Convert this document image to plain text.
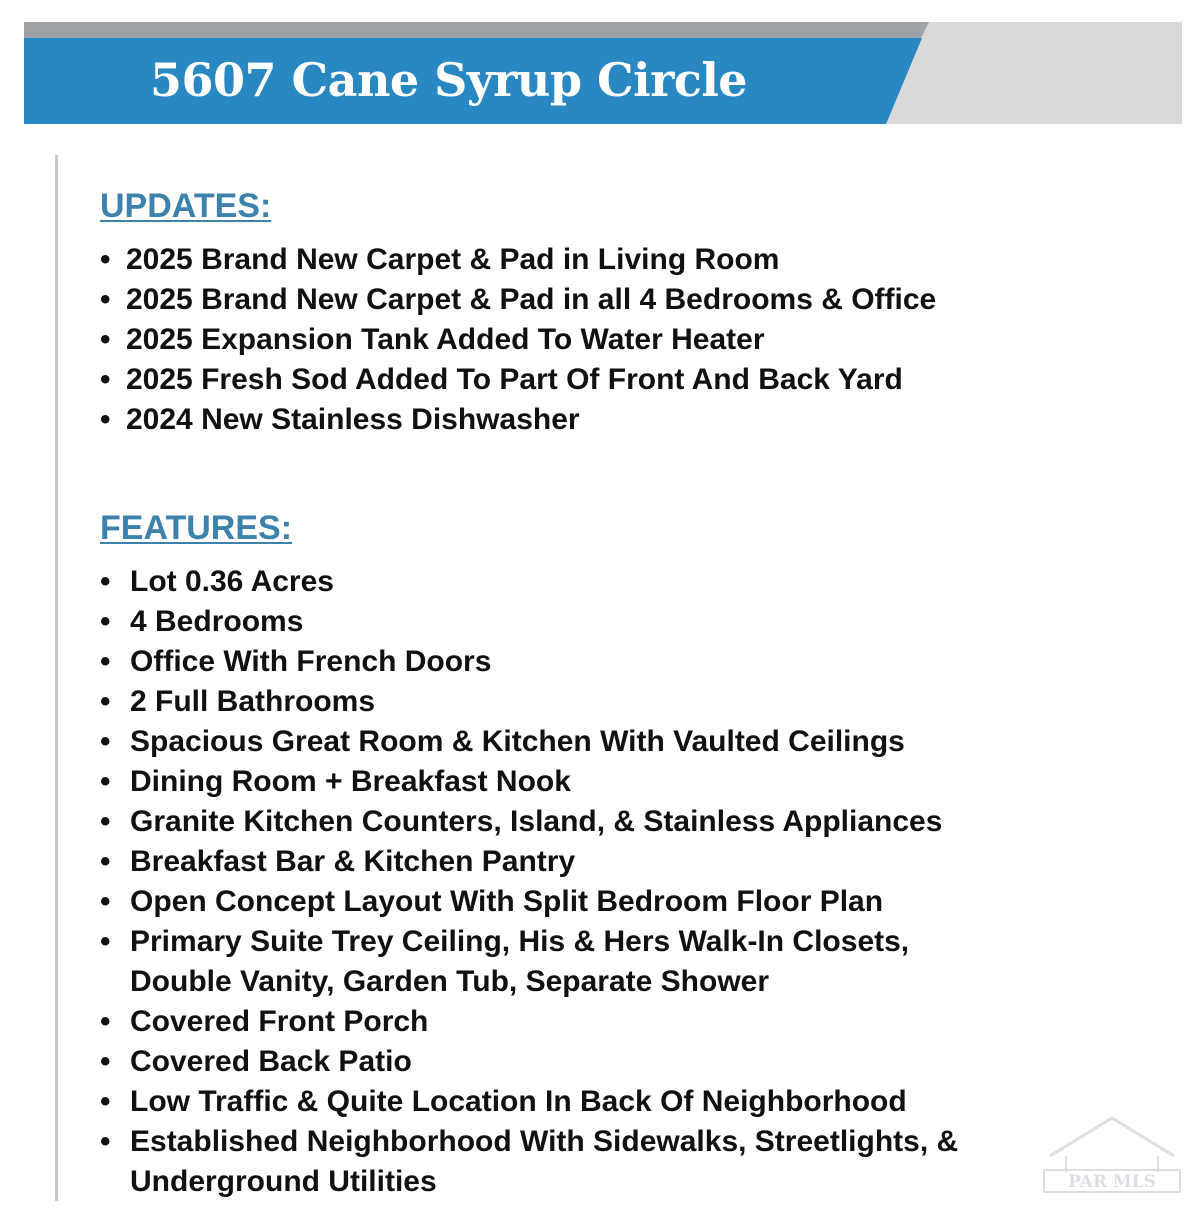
5607 Cane Syrup Circle
UPDATES:
• 2025 Brand New Carpet & Pad in Living Room
• 2025 Brand New Carpet & Pad in all 4 Bedrooms & Office
• 2025 Expansion Tank Added To Water Heater
• 2025 Fresh Sod Added To Part Of Front And Back Yard
• 2024 New Stainless Dishwasher
FEATURES:
• Lot 0.36 Acres
• 4 Bedrooms
• Office With French Doors
• 2 Full Bathrooms
• Spacious Great Room & Kitchen With Vaulted Ceilings
• Dining Room + Breakfast Nook
• Granite Kitchen Counters, Island, & Stainless Appliances
• Breakfast Bar & Kitchen Pantry
• Open Concept Layout With Split Bedroom Floor Plan
• Primary Suite Trey Ceiling, His & Hers Walk-In Closets,
Double Vanity, Garden Tub, Separate Shower
• Covered Front Porch
• Covered Back Patio
• Low Traffic & Quite Location In Back Of Neighborhood
• Established Neighborhood With Sidewalks, Streetlights, &
Underground Utilities	PAR MLS
